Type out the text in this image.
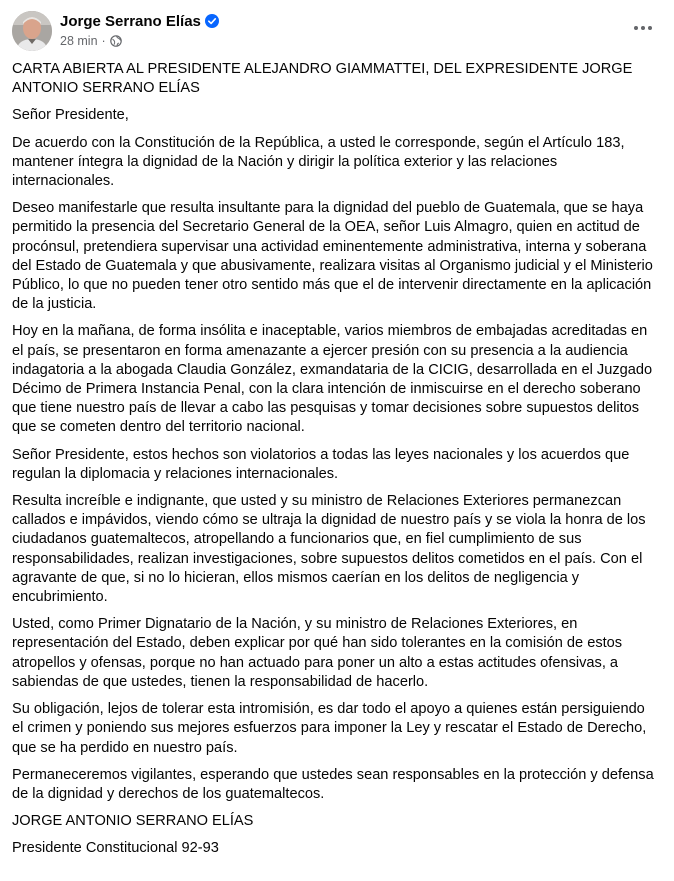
Jorge Serrano Elías
28 min ·

CARTA ABIERTA AL PRESIDENTE ALEJANDRO GIAMMATTEI, DEL EXPRESIDENTE JORGE ANTONIO SERRANO ELÍAS

Señor Presidente,

De acuerdo con la Constitución de la República, a usted le corresponde, según el Artículo 183, mantener íntegra la dignidad de la Nación y dirigir la política exterior y las relaciones internacionales.

Deseo manifestarle que resulta insultante para la dignidad del pueblo de Guatemala, que se haya permitido la presencia del Secretario General de la OEA, señor Luis Almagro, quien en actitud de procónsul, pretendiera supervisar una actividad eminentemente administrativa, interna y soberana del Estado de Guatemala y que abusivamente, realizara visitas al Organismo judicial y el Ministerio Público, lo que no pueden tener otro sentido más que el de intervenir directamente en la aplicación de la justicia.

Hoy en la mañana, de forma insólita e inaceptable, varios miembros de embajadas acreditadas en el país, se presentaron en forma amenazante a ejercer presión con su presencia a la audiencia indagatoria a la abogada Claudia González, exmandataria de la CICIG, desarrollada en el Juzgado Décimo de Primera Instancia Penal, con la clara intención de inmiscuirse en el derecho soberano que tiene nuestro país de llevar a cabo las pesquisas y tomar decisiones sobre supuestos delitos que se cometen dentro del territorio nacional.

Señor Presidente, estos hechos son violatorios a todas las leyes nacionales y los acuerdos que regulan la diplomacia y relaciones internacionales.

Resulta increíble e indignante, que usted y su ministro de Relaciones Exteriores permanezcan callados e impávidos, viendo cómo se ultraja la dignidad de nuestro país y se viola la honra de los ciudadanos guatemaltecos, atropellando a funcionarios que, en fiel cumplimiento de sus responsabilidades, realizan investigaciones, sobre supuestos delitos cometidos en el país. Con el agravante de que, si no lo hicieran, ellos mismos caerían en los delitos de negligencia y encubrimiento.

Usted, como Primer Dignatario de la Nación, y su ministro de Relaciones Exteriores, en representación del Estado, deben explicar por qué han sido tolerantes en la comisión de estos atropellos y ofensas, porque no han actuado para poner un alto a estas actitudes ofensivas, a sabiendas de que ustedes, tienen la responsabilidad de hacerlo.

Su obligación, lejos de tolerar esta intromisión, es dar todo el apoyo a quienes están persiguiendo el crimen y poniendo sus mejores esfuerzos para imponer la Ley y rescatar el Estado de Derecho, que se ha perdido en nuestro país.

Permaneceremos vigilantes, esperando que ustedes sean responsables en la protección y defensa de la dignidad y derechos de los guatemaltecos.

JORGE ANTONIO SERRANO ELÍAS

Presidente Constitucional 92-93
